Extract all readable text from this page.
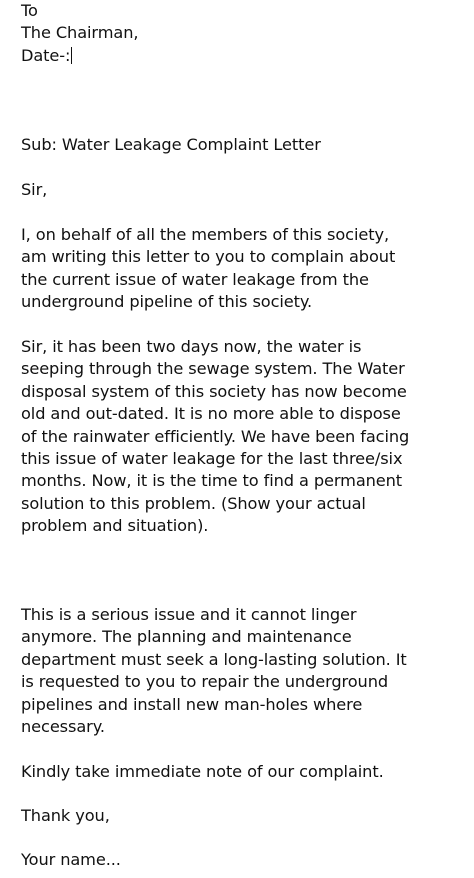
To
The Chairman,
Date-:
Sub: Water Leakage Complaint Letter
Sir,
I, on behalf of all the members of this society,
am writing this letter to you to complain about
the current issue of water leakage from the
underground pipeline of this society.
Sir, it has been two days now, the water is
seeping through the sewage system. The Water
disposal system of this society has now become
old and out-dated. It is no more able to dispose
of the rainwater efficiently. We have been facing
this issue of water leakage for the last three/six
months. Now, it is the time to find a permanent
solution to this problem. (Show your actual
problem and situation).
This is a serious issue and it cannot linger
anymore. The planning and maintenance
department must seek a long-lasting solution. It
is requested to you to repair the underground
pipelines and install new man-holes where
necessary.
Kindly take immediate note of our complaint.
Thank you,
Your name...
